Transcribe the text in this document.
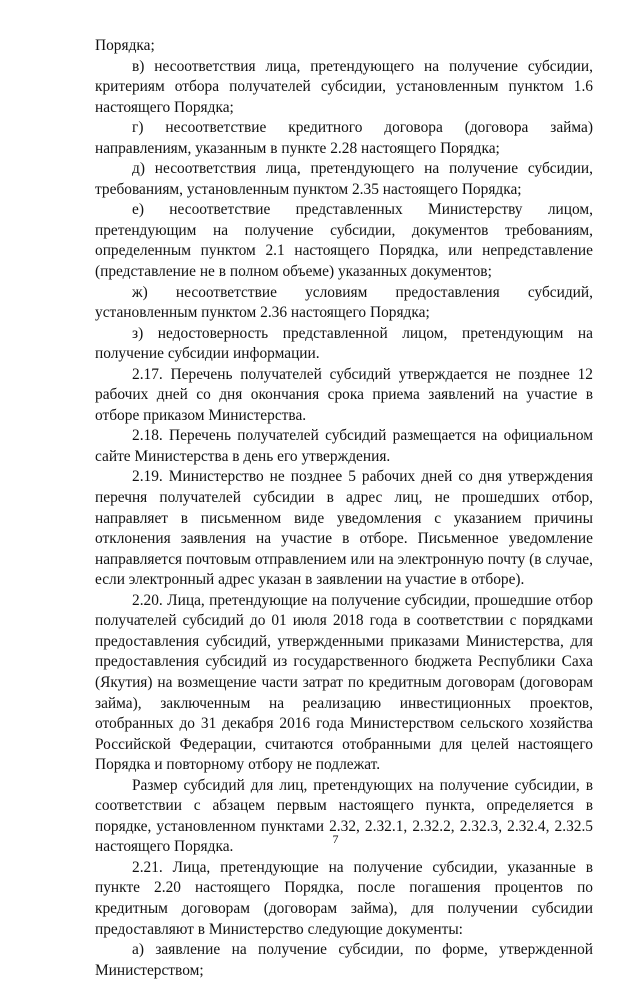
Порядка;

в) несоответствия лица, претендующего на получение субсидии, критериям отбора получателей субсидии, установленным пунктом 1.6 настоящего Порядка;

г) несоответствие кредитного договора (договора займа) направлениям, указанным в пункте 2.28 настоящего Порядка;

д) несоответствия лица, претендующего на получение субсидии, требованиям, установленным пунктом 2.35 настоящего Порядка;

е) несоответствие представленных Министерству лицом, претендующим на получение субсидии, документов требованиям, определенным пунктом 2.1 настоящего Порядка, или непредставление (представление не в полном объеме) указанных документов;

ж) несоответствие условиям предоставления субсидий, установленным пунктом 2.36 настоящего Порядка;

з) недостоверность представленной лицом, претендующим на получение субсидии информации.

2.17. Перечень получателей субсидий утверждается не позднее 12 рабочих дней со дня окончания срока приема заявлений на участие в отборе приказом Министерства.

2.18. Перечень получателей субсидий размещается на официальном сайте Министерства в день его утверждения.

2.19. Министерство не позднее 5 рабочих дней со дня утверждения перечня получателей субсидии в адрес лиц, не прошедших отбор, направляет в письменном виде уведомления с указанием причины отклонения заявления на участие в отборе. Письменное уведомление направляется почтовым отправлением или на электронную почту (в случае, если электронный адрес указан в заявлении на участие в отборе).

2.20. Лица, претендующие на получение субсидии, прошедшие отбор получателей субсидий до 01 июля 2018 года в соответствии с порядками предоставления субсидий, утвержденными приказами Министерства, для предоставления субсидий из государственного бюджета Республики Саха (Якутия) на возмещение части затрат по кредитным договорам (договорам займа), заключенным на реализацию инвестиционных проектов, отобранных до 31 декабря 2016 года Министерством сельского хозяйства Российской Федерации, считаются отобранными для целей настоящего Порядка и повторному отбору не подлежат.

Размер субсидий для лиц, претендующих на получение субсидии, в соответствии с абзацем первым настоящего пункта, определяется в порядке, установленном пунктами 2.32, 2.32.1, 2.32.2, 2.32.3, 2.32.4, 2.32.5 настоящего Порядка.

2.21. Лица, претендующие на получение субсидии, указанные в пункте 2.20 настоящего Порядка, после погашения процентов по кредитным договорам (договорам займа), для получении субсидии предоставляют в Министерство следующие документы:

а) заявление на получение субсидии, по форме, утвержденной Министерством;

7
